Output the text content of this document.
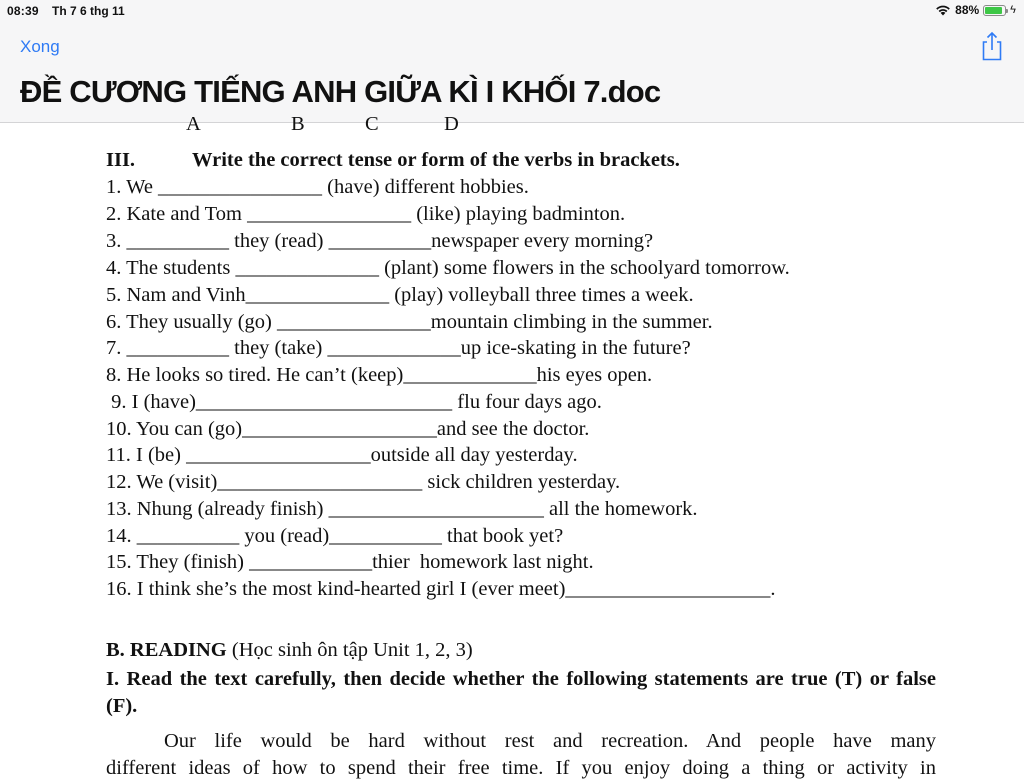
08:39 Th 7 6 thg 11	88%	ϟ
Xong
ĐỀ CƯƠNG TIẾNG ANH GIỮA KÌ I KHỐI 7.doc
A	B	C	D
III.	Write the correct tense or form of the verbs in brackets.
1. We ________________ (have) different hobbies.
2. Kate and Tom ________________ (like) playing badminton.
3. __________ they (read) __________newspaper every morning?
4. The students ______________ (plant) some flowers in the schoolyard tomorrow.
5. Nam and Vinh______________ (play) volleyball three times a week.
6. They usually (go) _______________mountain climbing in the summer.
7. __________ they (take) _____________up ice-skating in the future?
8. He looks so tired. He can’t (keep)_____________his eyes open.
9. I (have)_________________________ flu four days ago.
10. You can (go)___________________and see the doctor.
11. I (be) __________________outside all day yesterday.
12. We (visit)____________________ sick children yesterday.
13. Nhung (already finish) _____________________ all the homework.
14. __________ you (read)___________ that book yet?
15. They (finish) ____________thier  homework last night.
16. I think she’s the most kind-hearted girl I (ever meet)____________________.
B. READING (Học sinh ôn tập Unit 1, 2, 3)
I. Read the text carefully, then decide whether the following statements are true (T) or false (F).
Our life would be hard without rest and recreation. And people have many
different ideas of how to spend their free time. If you enjoy doing a thing or activity in
